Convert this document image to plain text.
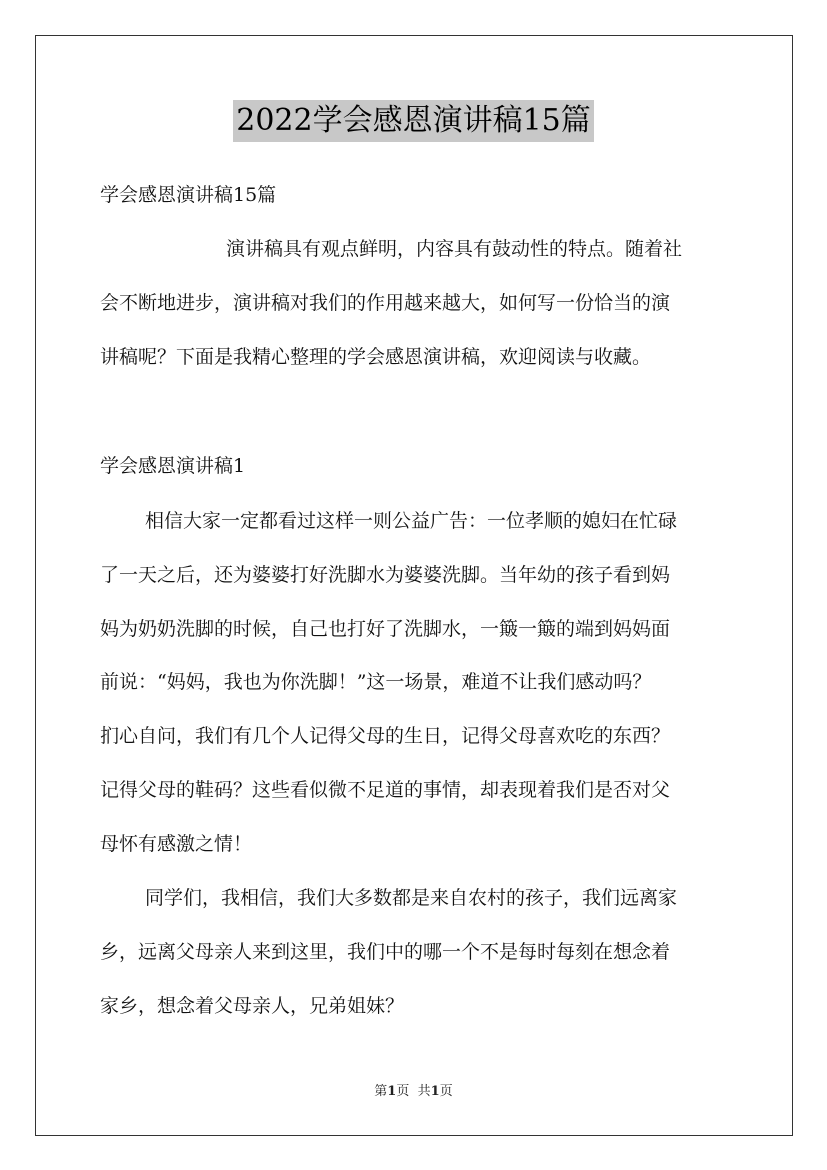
2022学会感恩演讲稿15篇
学会感恩演讲稿15篇
演讲稿具有观点鲜明，内容具有鼓动性的特点。随着社
会不断地进步，演讲稿对我们的作用越来越大，如何写一份恰当的演
讲稿呢？下面是我精心整理的学会感恩演讲稿，欢迎阅读与收藏。
学会感恩演讲稿1
相信大家一定都看过这样一则公益广告：一位孝顺的媳妇在忙碌
了一天之后，还为婆婆打好洗脚水为婆婆洗脚。当年幼的孩子看到妈
妈为奶奶洗脚的时候，自己也打好了洗脚水，一簸一簸的端到妈妈面
前说：“妈妈，我也为你洗脚！”这一场景，难道不让我们感动吗？
扪心自问，我们有几个人记得父母的生日，记得父母喜欢吃的东西？
记得父母的鞋码？这些看似微不足道的事情，却表现着我们是否对父
母怀有感激之情！
同学们，我相信，我们大多数都是来自农村的孩子，我们远离家
乡，远离父母亲人来到这里，我们中的哪一个不是每时每刻在想念着
家乡，想念着父母亲人，兄弟姐妹？
第1页 共1页
